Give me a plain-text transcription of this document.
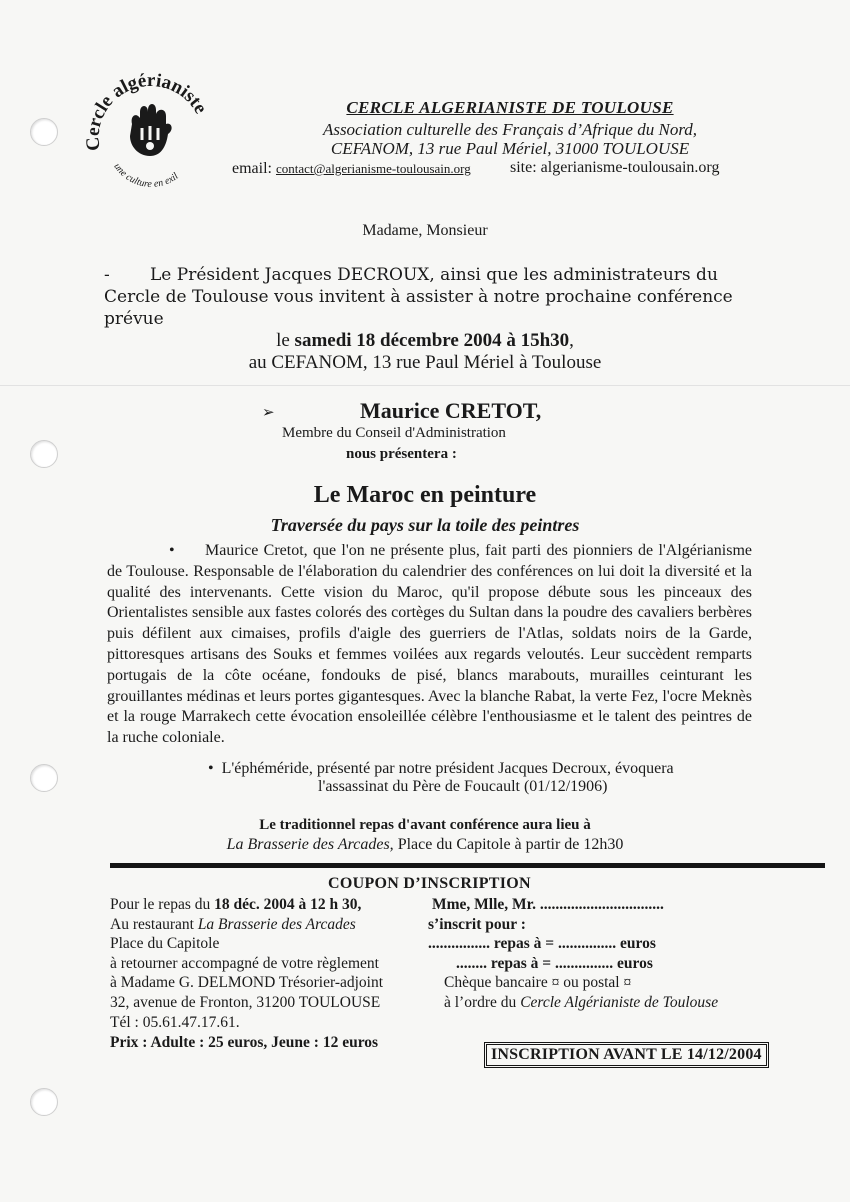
Cercle algérianiste
une culture en exil
CERCLE ALGERIANISTE DE TOULOUSE
Association culturelle des Français d’Afrique du Nord,
CEFANOM, 13 rue Paul Mériel, 31000 TOULOUSE
email: contact@algerianisme-toulousain.org site: algerianisme-toulousain.org
Madame, Monsieur
- Le Président Jacques DECROUX, ainsi que les administrateurs du Cercle de Toulouse vous invitent à assister à notre prochaine conférence prévue
le samedi 18 décembre 2004 à 15h30,
au CEFANOM, 13 rue Paul Mériel à Toulouse
➢	Maurice CRETOT,
Membre du Conseil d'Administration
nous présentera :
Le Maroc en peinture
Traversée du pays sur la toile des peintres
• Maurice Cretot, que l'on ne présente plus, fait parti des pionniers de l'Algérianisme de Toulouse. Responsable de l'élaboration du calendrier des conférences on lui doit la diversité et la qualité des intervenants. Cette vision du Maroc, qu'il propose débute sous les pinceaux des Orientalistes sensible aux fastes colorés des cortèges du Sultan dans la poudre des cavaliers berbères puis défilent aux cimaises, profils d'aigle des guerriers de l'Atlas, soldats noirs de la Garde, pittoresques artisans des Souks et femmes voilées aux regards veloutés. Leur succèdent remparts portugais de la côte océane, fondouks de pisé, blancs marabouts, murailles ceinturant les grouillantes médinas et leurs portes gigantesques. Avec la blanche Rabat, la verte Fez, l'ocre Meknès et la rouge Marrakech cette évocation ensoleillée célèbre l'enthousiasme et le talent des peintres de la ruche coloniale.
• L'éphéméride, présenté par notre président Jacques Decroux, évoquera
l'assassinat du Père de Foucault (01/12/1906)
Le traditionnel repas d'avant conférence aura lieu à
La Brasserie des Arcades, Place du Capitole à partir de 12h30
COUPON D’INSCRIPTION
Pour le repas du 18 déc. 2004 à 12 h 30,
Au restaurant La Brasserie des Arcades
Place du Capitole
à retourner accompagné de votre règlement
à Madame G. DELMOND Trésorier-adjoint
32, avenue de Fronton, 31200 TOULOUSE
Tél : 05.61.47.17.61.
Prix : Adulte : 25 euros, Jeune : 12 euros
Mme, Mlle, Mr. ................................
s’inscrit pour :
................ repas à = ............... euros
........ repas à = ............... euros
Chèque bancaire ¤ ou postal ¤
à l’ordre du Cercle Algérianiste de Toulouse
INSCRIPTION AVANT LE 14/12/2004
